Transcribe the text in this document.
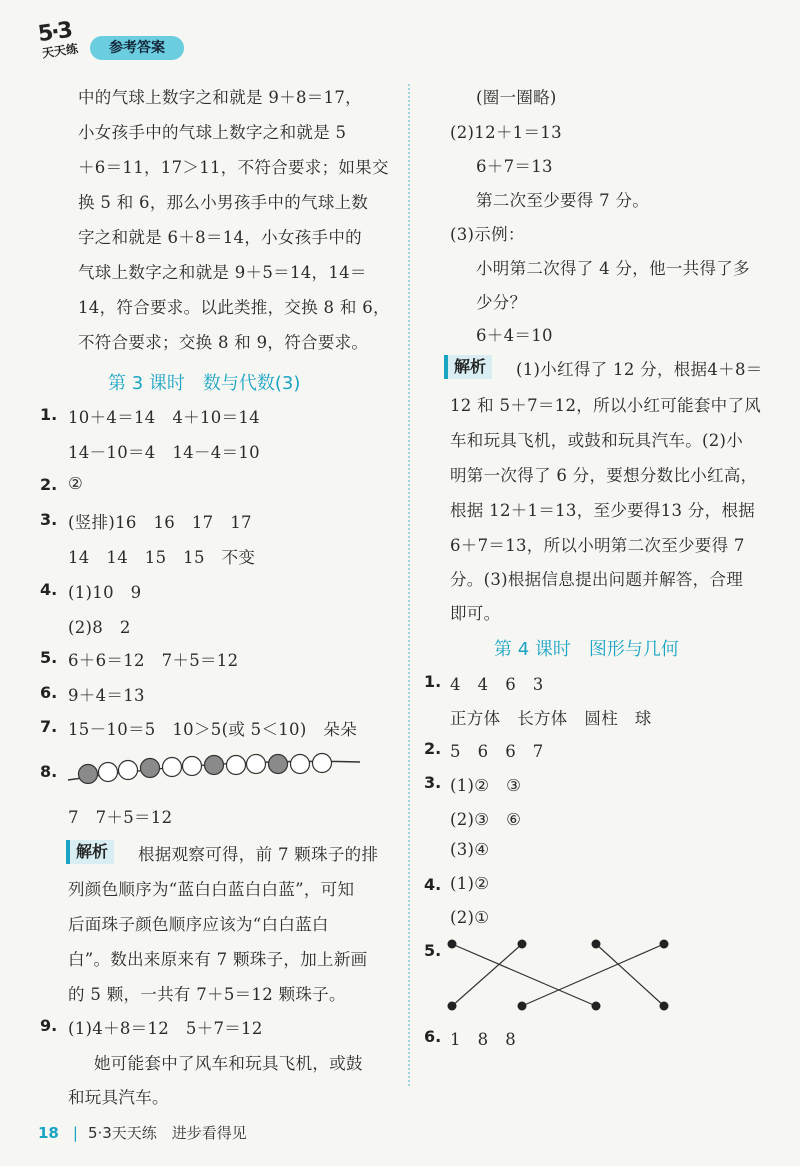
5·3
天天练	参考答案
中的气球上数字之和就是 9＋8＝17，
小女孩手中的气球上数字之和就是 5
＋6＝11，17＞11，不符合要求；如果交
换 5 和 6，那么小男孩手中的气球上数
字之和就是 6＋8＝14，小女孩手中的
气球上数字之和就是 9＋5＝14，14＝
14，符合要求。以此类推，交换 8 和 6，
不符合要求；交换 8 和 9，符合要求。
第 3 课时　数与代数(3)
1. 10＋4＝14　4＋10＝14
14－10＝4　14－4＝10
2. ②
3. (竖排)16　16　17　17
14　14　15　15　不变
4. (1)10　9
(2)8　2
5. 6＋6＝12　7＋5＝12
6. 9＋4＝13
7. 15－10＝5　10＞5(或 5＜10)　朵朵
8.
7　7＋5＝12
解析	根据观察可得，前 7 颗珠子的排
列颜色顺序为“蓝白白蓝白白蓝”，可知
后面珠子颜色顺序应该为“白白蓝白
白”。数出来原来有 7 颗珠子，加上新画
的 5 颗，一共有 7＋5＝12 颗珠子。
9. (1)4＋8＝12　5＋7＝12
她可能套中了风车和玩具飞机，或鼓
和玩具汽车。
(圈一圈略)
(2)12＋1＝13
6＋7＝13
第二次至少要得 7 分。
(3)示例：
小明第二次得了 4 分，他一共得了多
少分？
6＋4＝10
解析	(1)小红得了 12 分，根据4＋8＝
12 和 5＋7＝12，所以小红可能套中了风
车和玩具飞机，或鼓和玩具汽车。(2)小
明第一次得了 6 分，要想分数比小红高，
根据 12＋1＝13，至少要得13 分，根据
6＋7＝13，所以小明第二次至少要得 7
分。(3)根据信息提出问题并解答，合理
即可。
第 4 课时　图形与几何
1. 4　4　6　3
正方体　长方体　圆柱　球
2. 5　6　6　7
3. (1)②　③
(2)③　⑥
(3)④
4. (1)②
(2)①
5.
6. 1　8　8
18 | 5·3天天练　进步看得见
